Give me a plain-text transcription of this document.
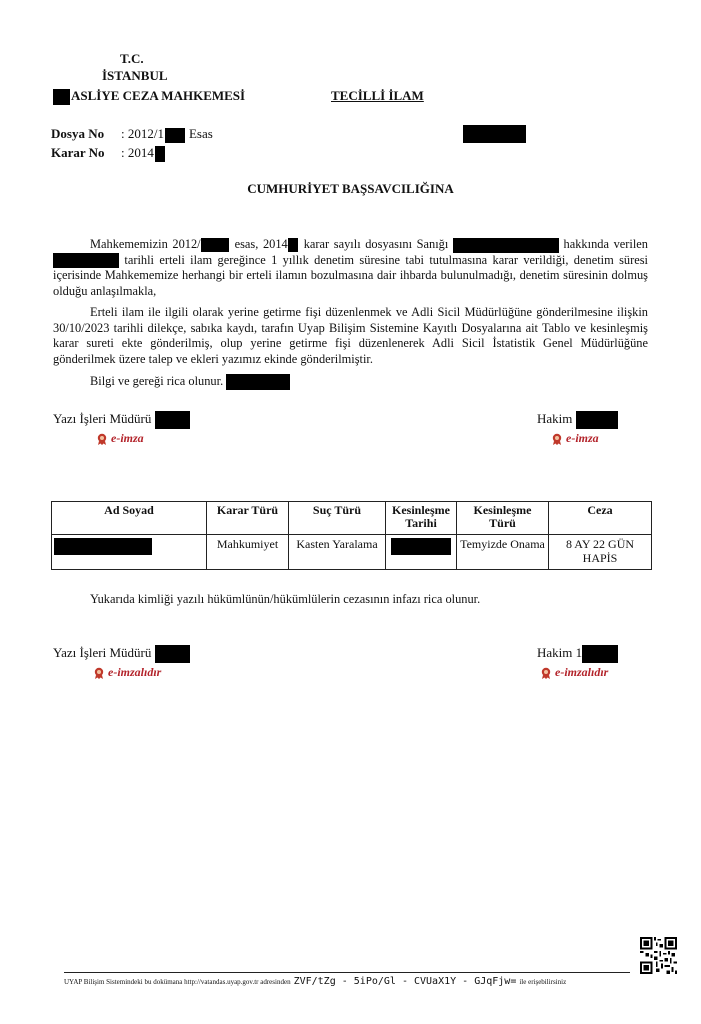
T.C.
İSTANBUL
ASLİYE CEZA MAHKEMESİ	TECİLLİ İLAM
Dosya No : 2012/1 Esas
Karar No : 2014
CUMHURİYET BAŞSAVCILIĞINA
Mahkememizin 2012/	esas, 2014 karar sayılı dosyasını Sanığı	hakkında verilen  tarihli erteli ilam gereğince 1 yıllık denetim süresine tabi tutulmasına karar verildiği, denetim süresi içerisinde Mahkememize herhangi bir erteli ilamın bozulmasına dair ihbarda bulunulmadığı, denetim süresinin dolmuş olduğu anlaşılmakla,
Erteli ilam ile ilgili olarak yerine getirme fişi düzenlenmek ve Adli Sicil Müdürlüğüne gönderilmesine ilişkin 30/10/2023 tarihli dilekçe, sabıka kaydı, tarafın Uyap Bilişim Sistemine Kayıtlı Dosyalarına ait Tablo ve kesinleşmiş karar sureti ekte gönderilmiş, olup yerine getirme fişi düzenlenerek Adli Sicil İstatistik Genel Müdürlüğüne gönderilmek üzere talep ve ekleri yazımız ekinde gönderilmiştir.
Bilgi ve gereği rica olunur.
Yazı İşleri Müdürü
e-imza
Hakim
e-imza
Ad Soyad	Karar Türü	Suç Türü	Kesinleşme Tarihi	Kesinleşme Türü	Ceza
	Mahkumiyet	Kasten Yaralama		Temyizde Onama	8 AY 22 GÜN HAPİS
Yukarıda kimliği yazılı hükümlünün/hükümlülerin cezasının infazı rica olunur.
Yazı İşleri Müdürü
e-imzalıdır
Hakim 1
e-imzalıdır
UYAP Bilişim Sistemindeki bu dokümana http://vatandas.uyap.gov.tr adresinden ZVF/tZg - 5iPo/Gl - CVUaX1Y - GJqFjw= ile erişebilirsiniz
